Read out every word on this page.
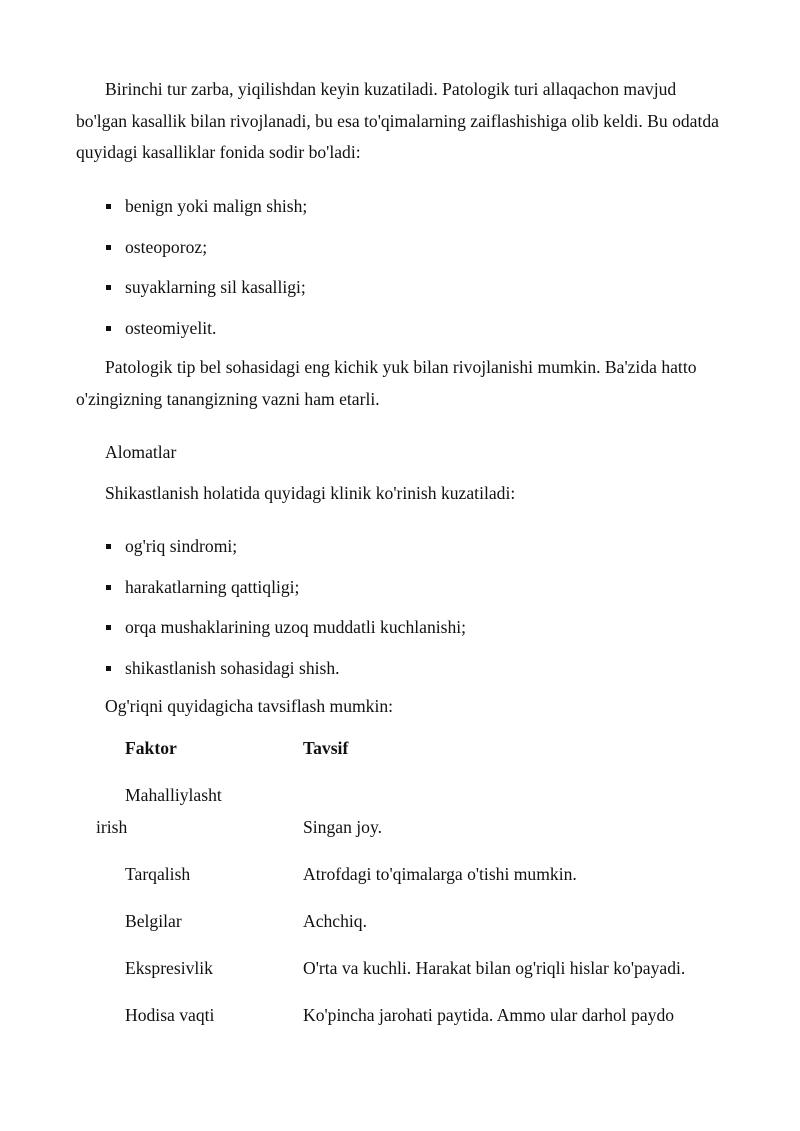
Birinchi tur zarba, yiqilishdan keyin kuzatiladi. Patologik turi allaqachon mavjud bo'lgan kasallik bilan rivojlanadi, bu esa to'qimalarning zaiflashishiga olib keldi. Bu odatda quyidagi kasalliklar fonida sodir bo'ladi:

benign yoki malign shish;
osteoporoz;
suyaklarning sil kasalligi;
osteomiyelit.

Patologik tip bel sohasidagi eng kichik yuk bilan rivojlanishi mumkin. Ba'zida hatto o'zingizning tanangizning vazni ham etarli.

Alomatlar
Shikastlanish holatida quyidagi klinik ko'rinish kuzatiladi:
og'riq sindromi;
harakatlarning qattiqligi;
orqa mushaklarining uzoq muddatli kuchlanishi;
shikastlanish sohasidagi shish.
Og'riqni quyidagicha tavsiflash mumkin:
Faktor	Tavsif
Mahalliylasht
irish	Singan joy.
Tarqalish	Atrofdagi to'qimalarga o'tishi mumkin.
Belgilar	Achchiq.
Ekspresivlik	O'rta va kuchli. Harakat bilan og'riqli hislar ko'payadi.
Hodisa vaqti	Ko'pincha jarohati paytida. Ammo ular darhol paydo
